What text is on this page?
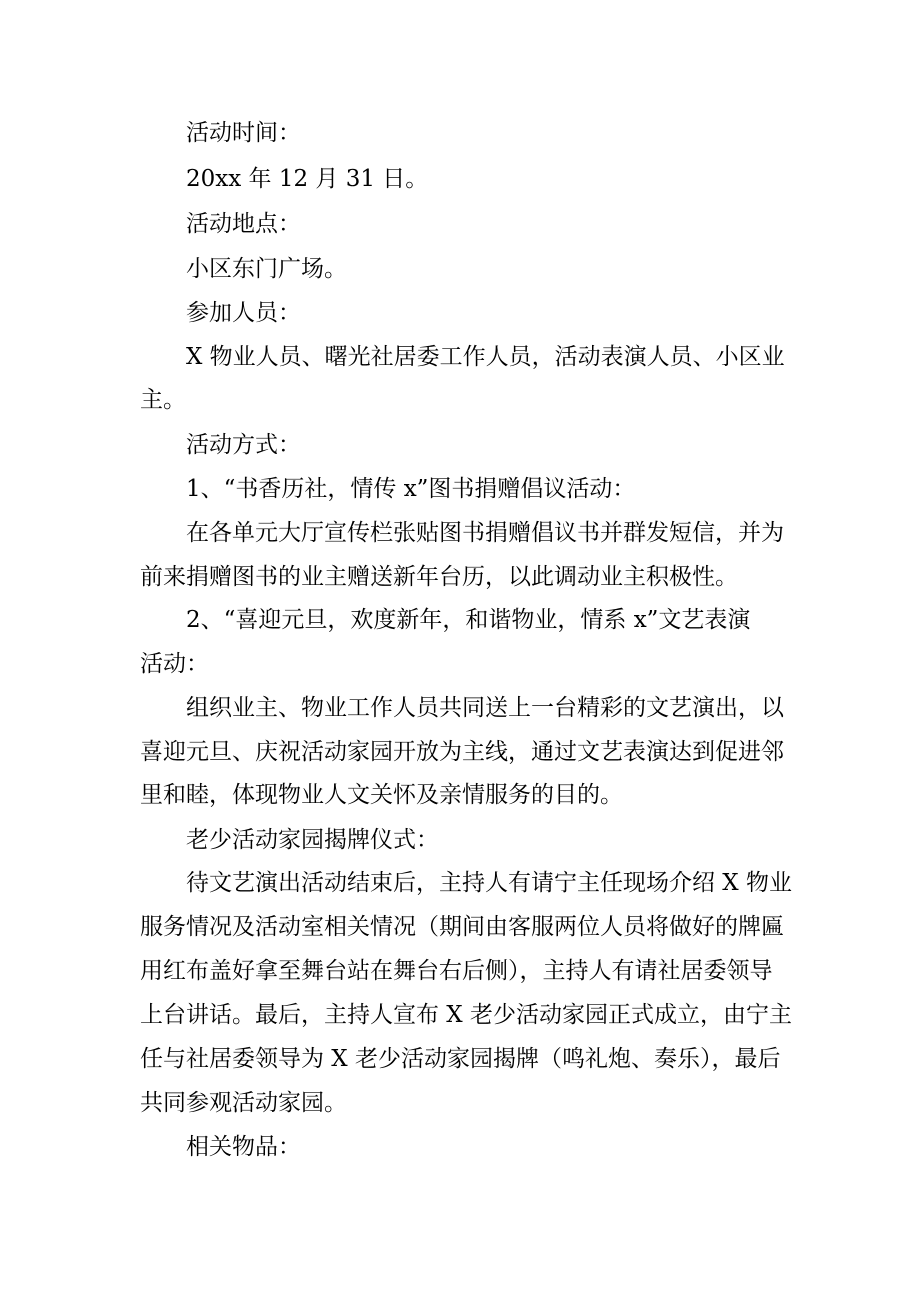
活动时间：
20xx 年 12 月 31 日。
活动地点：
小区东门广场。
参加人员：
X 物业人员、曙光社居委工作人员，活动表演人员、小区业
主。
活动方式：
1、“书香历社，情传 x”图书捐赠倡议活动：
在各单元大厅宣传栏张贴图书捐赠倡议书并群发短信，并为
前来捐赠图书的业主赠送新年台历，以此调动业主积极性。
2、“喜迎元旦，欢度新年，和谐物业，情系 x”文艺表演
活动：
组织业主、物业工作人员共同送上一台精彩的文艺演出，以
喜迎元旦、庆祝活动家园开放为主线，通过文艺表演达到促进邻
里和睦，体现物业人文关怀及亲情服务的目的。
老少活动家园揭牌仪式：
待文艺演出活动结束后，主持人有请宁主任现场介绍 X 物业
服务情况及活动室相关情况（期间由客服两位人员将做好的牌匾
用红布盖好拿至舞台站在舞台右后侧），主持人有请社居委领导
上台讲话。最后，主持人宣布 X 老少活动家园正式成立，由宁主
任与社居委领导为 X 老少活动家园揭牌（鸣礼炮、奏乐），最后
共同参观活动家园。
相关物品：
